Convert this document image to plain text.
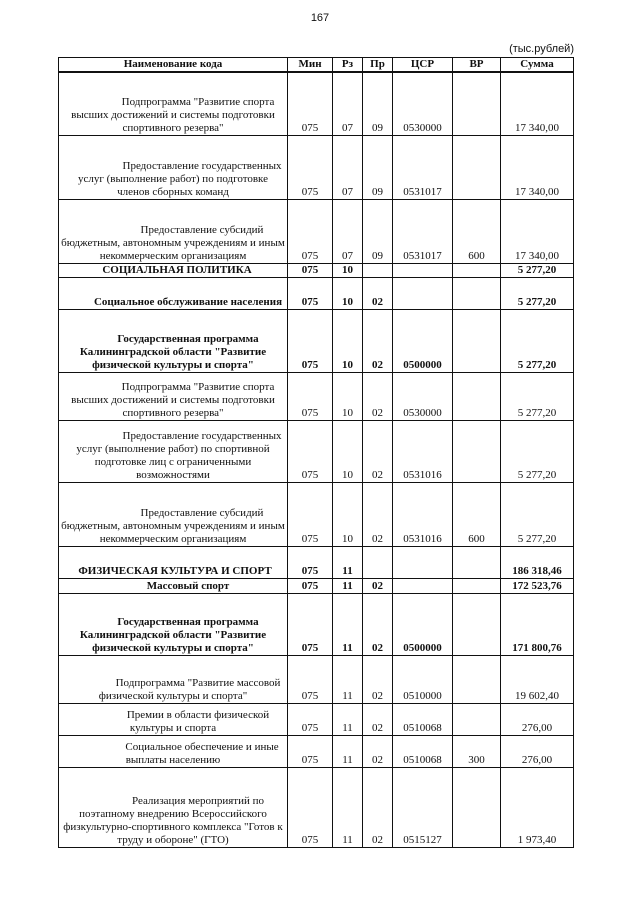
167
(тыс.рублей)
Наименование кода	Мин	Рз	Пр	ЦСР	ВР	Сумма
Подпрограмма "Развитие спорта высших достижений и системы подготовки спортивного резерва"	075	07	09	0530000		17 340,00
Предоставление государственных услуг (выполнение работ) по подготовке членов сборных команд	075	07	09	0531017		17 340,00
Предоставление субсидий бюджетным, автономным учреждениям и иным некоммерческим организациям	075	07	09	0531017	600	17 340,00
СОЦИАЛЬНАЯ ПОЛИТИКА	075	10				5 277,20
Социальное обслуживание населения	075	10	02			5 277,20
Государственная программа Калининградской области "Развитие физической культуры и спорта"	075	10	02	0500000		5 277,20
Подпрограмма "Развитие спорта высших достижений и системы подготовки спортивного резерва"	075	10	02	0530000		5 277,20
Предоставление государственных услуг (выполнение работ) по спортивной подготовке лиц с ограниченными возможностями	075	10	02	0531016		5 277,20
Предоставление субсидий бюджетным, автономным учреждениям и иным некоммерческим организациям	075	10	02	0531016	600	5 277,20
ФИЗИЧЕСКАЯ КУЛЬТУРА И СПОРТ	075	11				186 318,46
Массовый спорт	075	11	02			172 523,76
Государственная программа Калининградской области "Развитие физической культуры и спорта"	075	11	02	0500000		171 800,76
Подпрограмма "Развитие массовой физической культуры и спорта"	075	11	02	0510000		19 602,40
Премии в области физической культуры и спорта	075	11	02	0510068		276,00
Социальное обеспечение и иные выплаты населению	075	11	02	0510068	300	276,00
Реализация мероприятий по поэтапному внедрению Всероссийского физкультурно-спортивного комплекса "Готов к труду и обороне" (ГТО)	075	11	02	0515127		1 973,40
